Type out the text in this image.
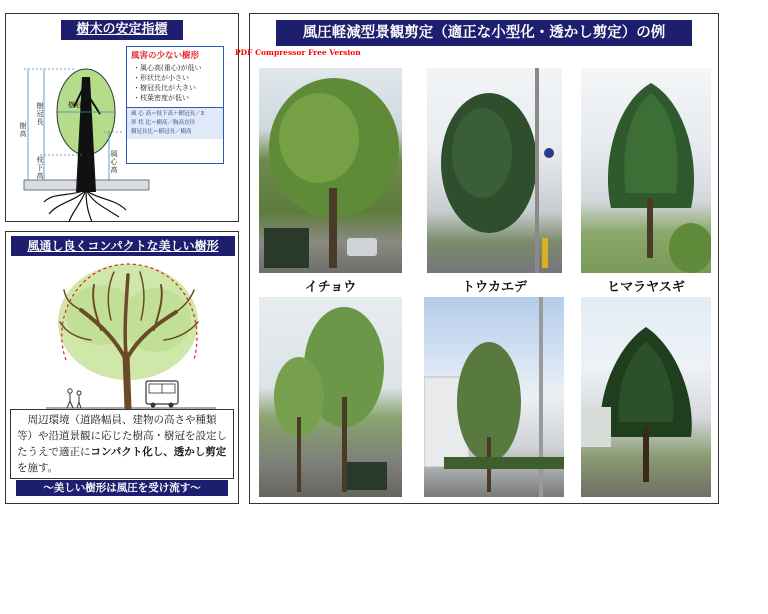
樹木の安定指標
樹高
樹冠長
枝下高	風心高
樹冠幅
風害の少ない樹形
・風心高(重心)が低い
・形状比が小さい
・樹冠長比が大きい
・枝葉密度が低い
風 心 高＝枝下高＋樹冠長／3
形 状 比＝樹高／胸高直径
樹冠長比＝樹冠長／樹高
風通し良くコンパクトな美しい樹形
　周辺環境（道路幅員、建物の高さや種類等）や沿道景観に応じた樹高・樹冠を設定したうえで適正にコンパクト化し、透かし剪定を施す。
〜美しい樹形は風圧を受け流す〜
風圧軽減型景観剪定（適正な小型化・透かし剪定）の例
イチョウ	トウカエデ	ヒマラヤスギ
PDF Compressor Free Version
